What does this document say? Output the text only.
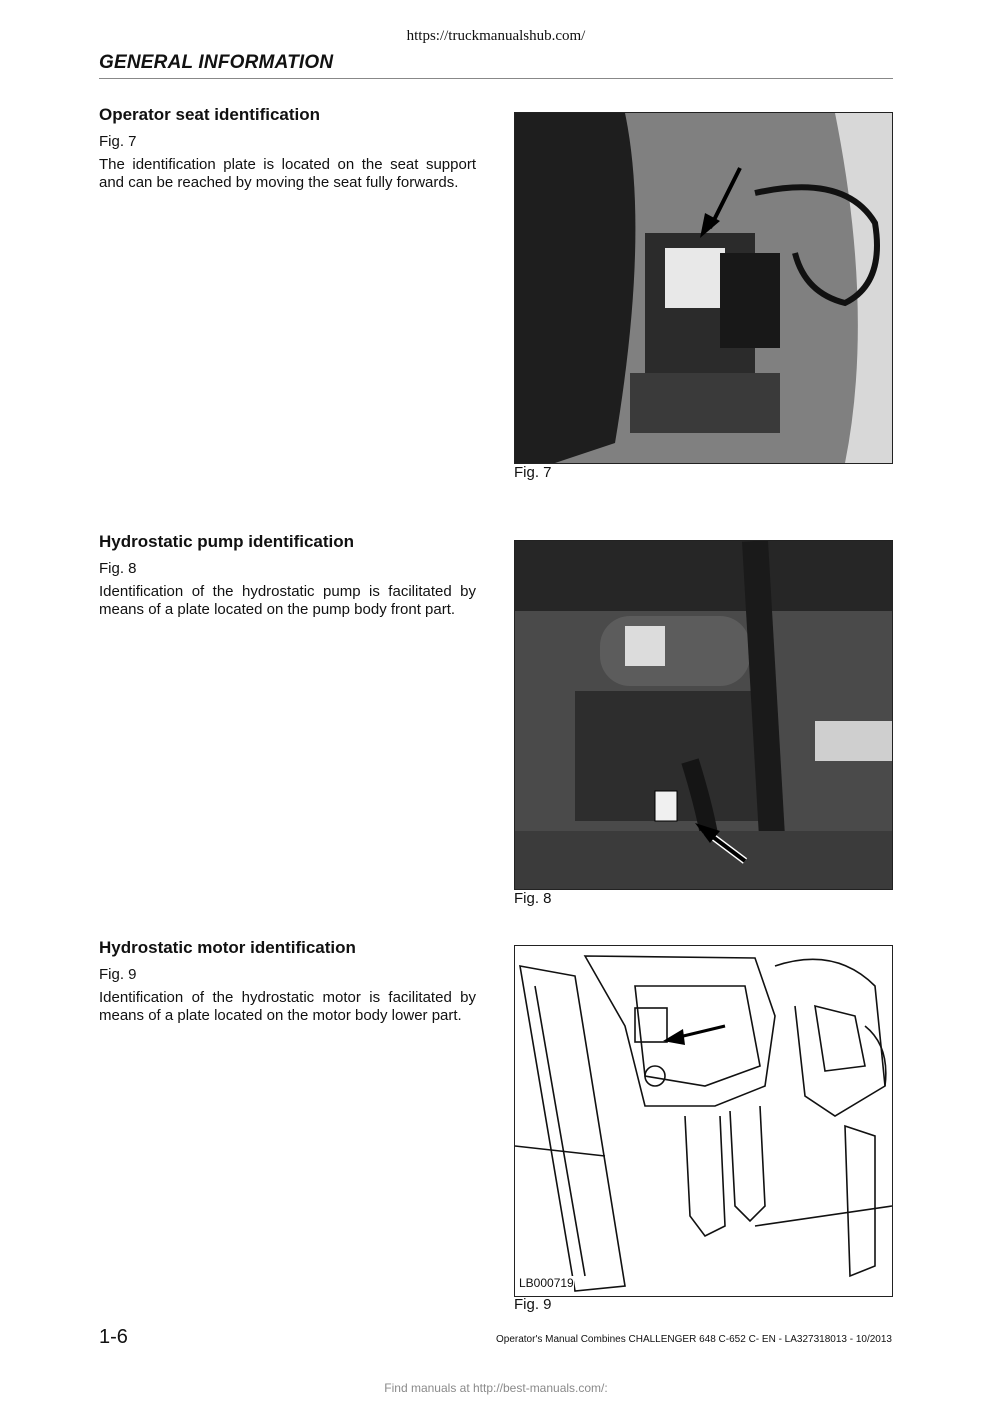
https://truckmanualshub.com/
GENERAL INFORMATION
Operator seat identification
Fig. 7

The identification plate is located on the seat support and can be reached by moving the seat fully forwards.

Fig. 7
Hydrostatic pump identification
Fig. 8

Identification of the hydrostatic pump is facilitated by means of a plate located on the pump body front part.

Fig. 8
Hydrostatic motor identification
Fig. 9

Identification of the hydrostatic motor is facilitated by means of a plate located on the motor body lower part.

LB000719
Fig. 9
1-6	Operator's Manual Combines CHALLENGER 648 C-652 C- EN - LA327318013 - 10/2013
Find manuals at http://best-manuals.com/:
